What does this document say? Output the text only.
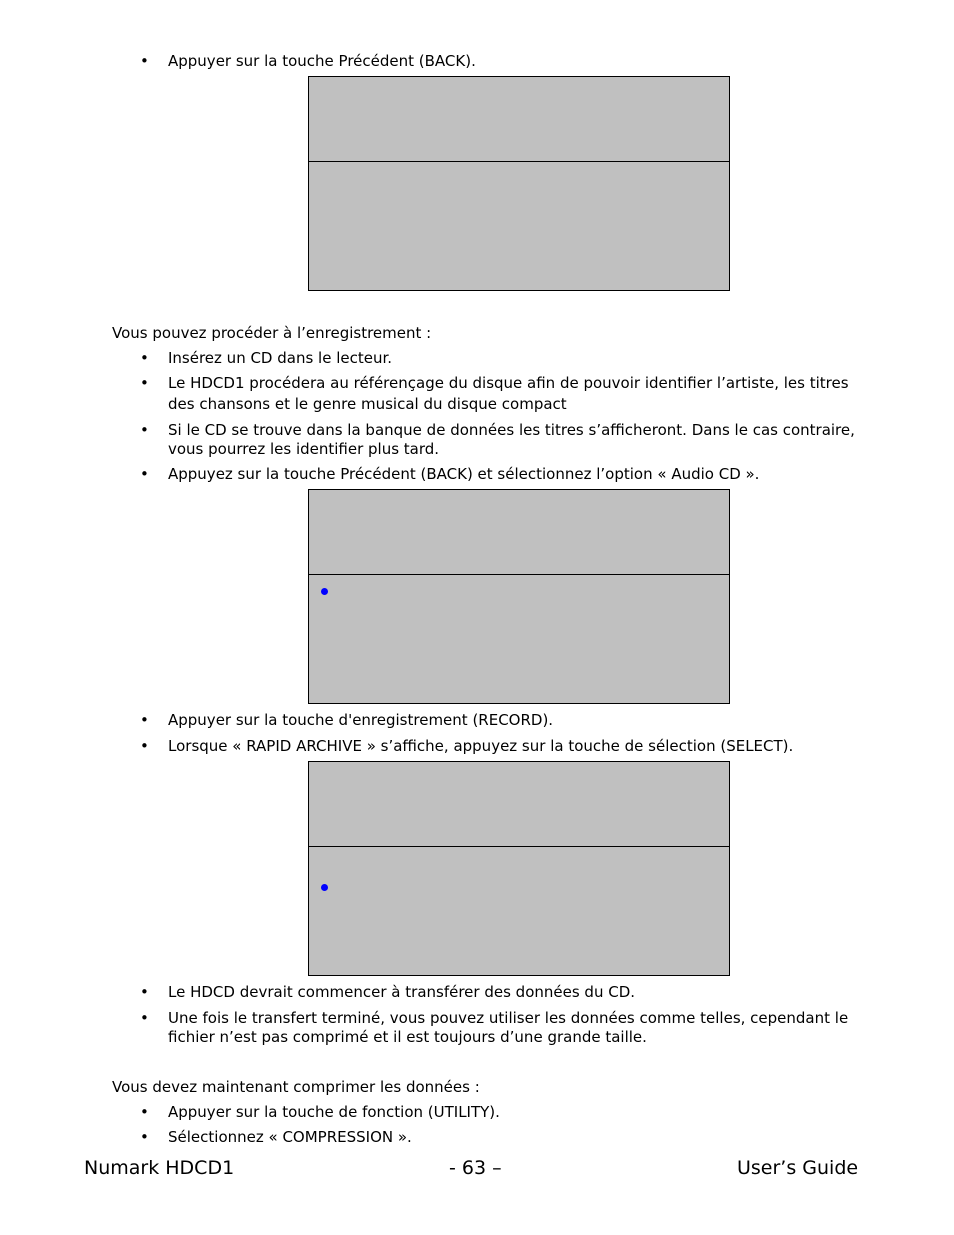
• Appuyer sur la touche Précédent (BACK).
Vous pouvez procéder à l’enregistrement :
• Insérez un CD dans le lecteur.
• Le HDCD1 procédera au référençage du disque afin de pouvoir identifier l’artiste, les titres
des chansons et le genre musical du disque compact
• Si le CD se trouve dans la banque de données les titres s’afficheront. Dans le cas contraire,
vous pourrez les identifier plus tard.
• Appuyez sur la touche Précédent (BACK) et sélectionnez l’option « Audio CD ».
• Appuyer sur la touche d'enregistrement (RECORD).
• Lorsque « RAPID ARCHIVE » s’affiche, appuyez sur la touche de sélection (SELECT).
• Le HDCD devrait commencer à transférer des données du CD.
• Une fois le transfert terminé, vous pouvez utiliser les données comme telles, cependant le
fichier n’est pas comprimé et il est toujours d’une grande taille.
Vous devez maintenant comprimer les données :
• Appuyer sur la touche de fonction (UTILITY).
• Sélectionnez « COMPRESSION ».
Numark HDCD1	- 63 –	User’s Guide
